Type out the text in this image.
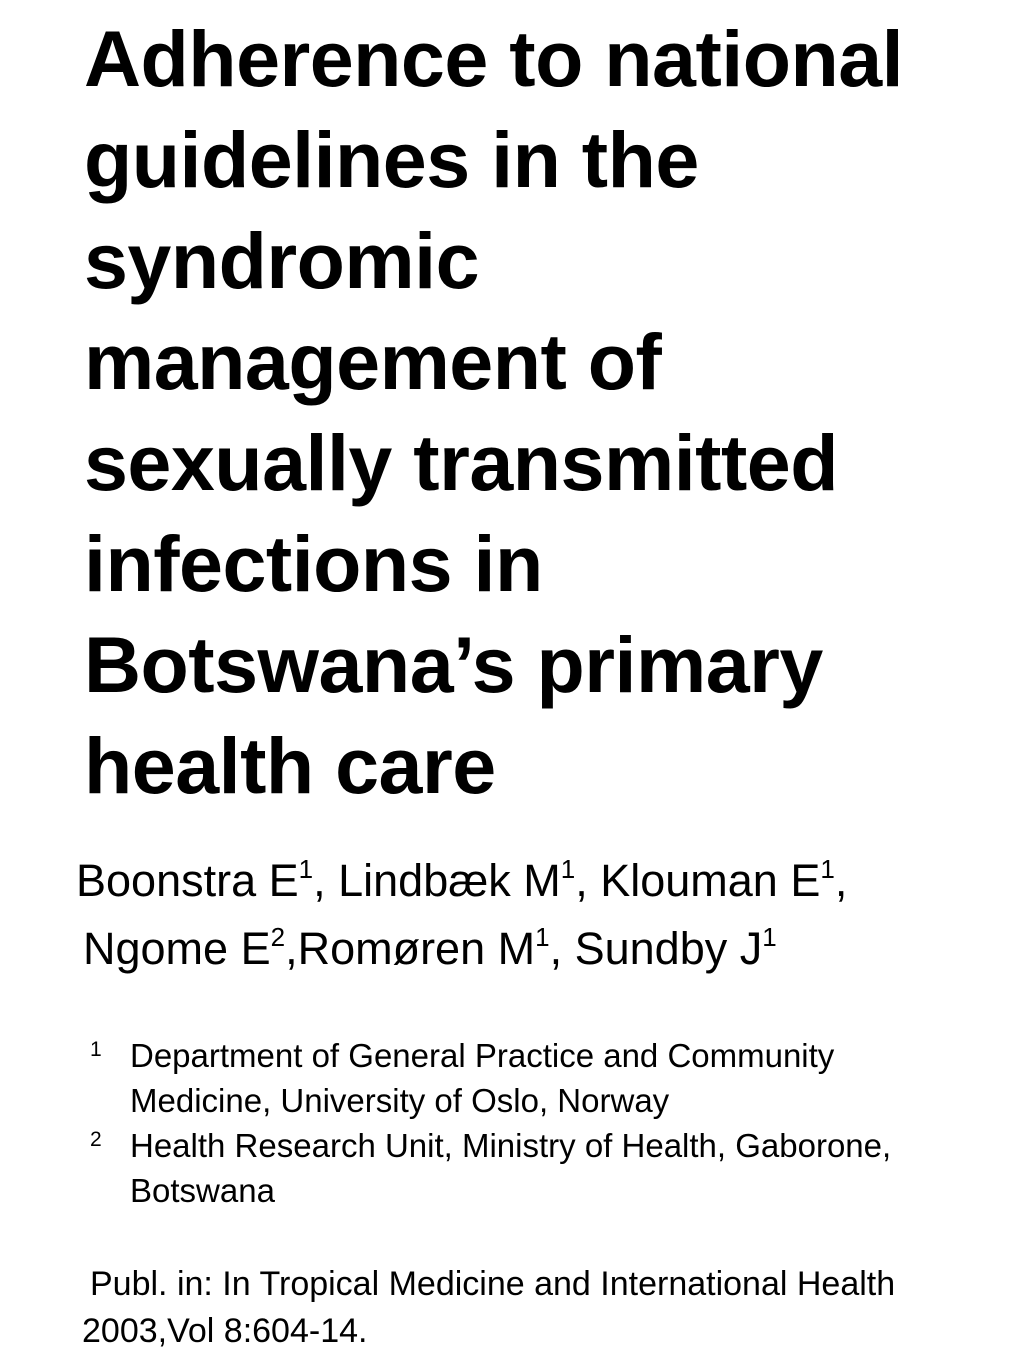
Adherence to national
guidelines in the
syndromic
management of
sexually transmitted
infections in
Botswana’s primary
health care
Boonstra $E^1$, Lindbæk $M^1$, Klouman $E^1$,
Ngome $E^2,Romøren$ $M^1$, Sundby $J^1$
1 Department of General Practice and Community
Medicine, University of Oslo, Norway
2 Health Research Unit, Ministry of Health, Gaborone,
Botswana
Publ. in: In Tropical Medicine and International Health
2003,Vol 8:604-14.
